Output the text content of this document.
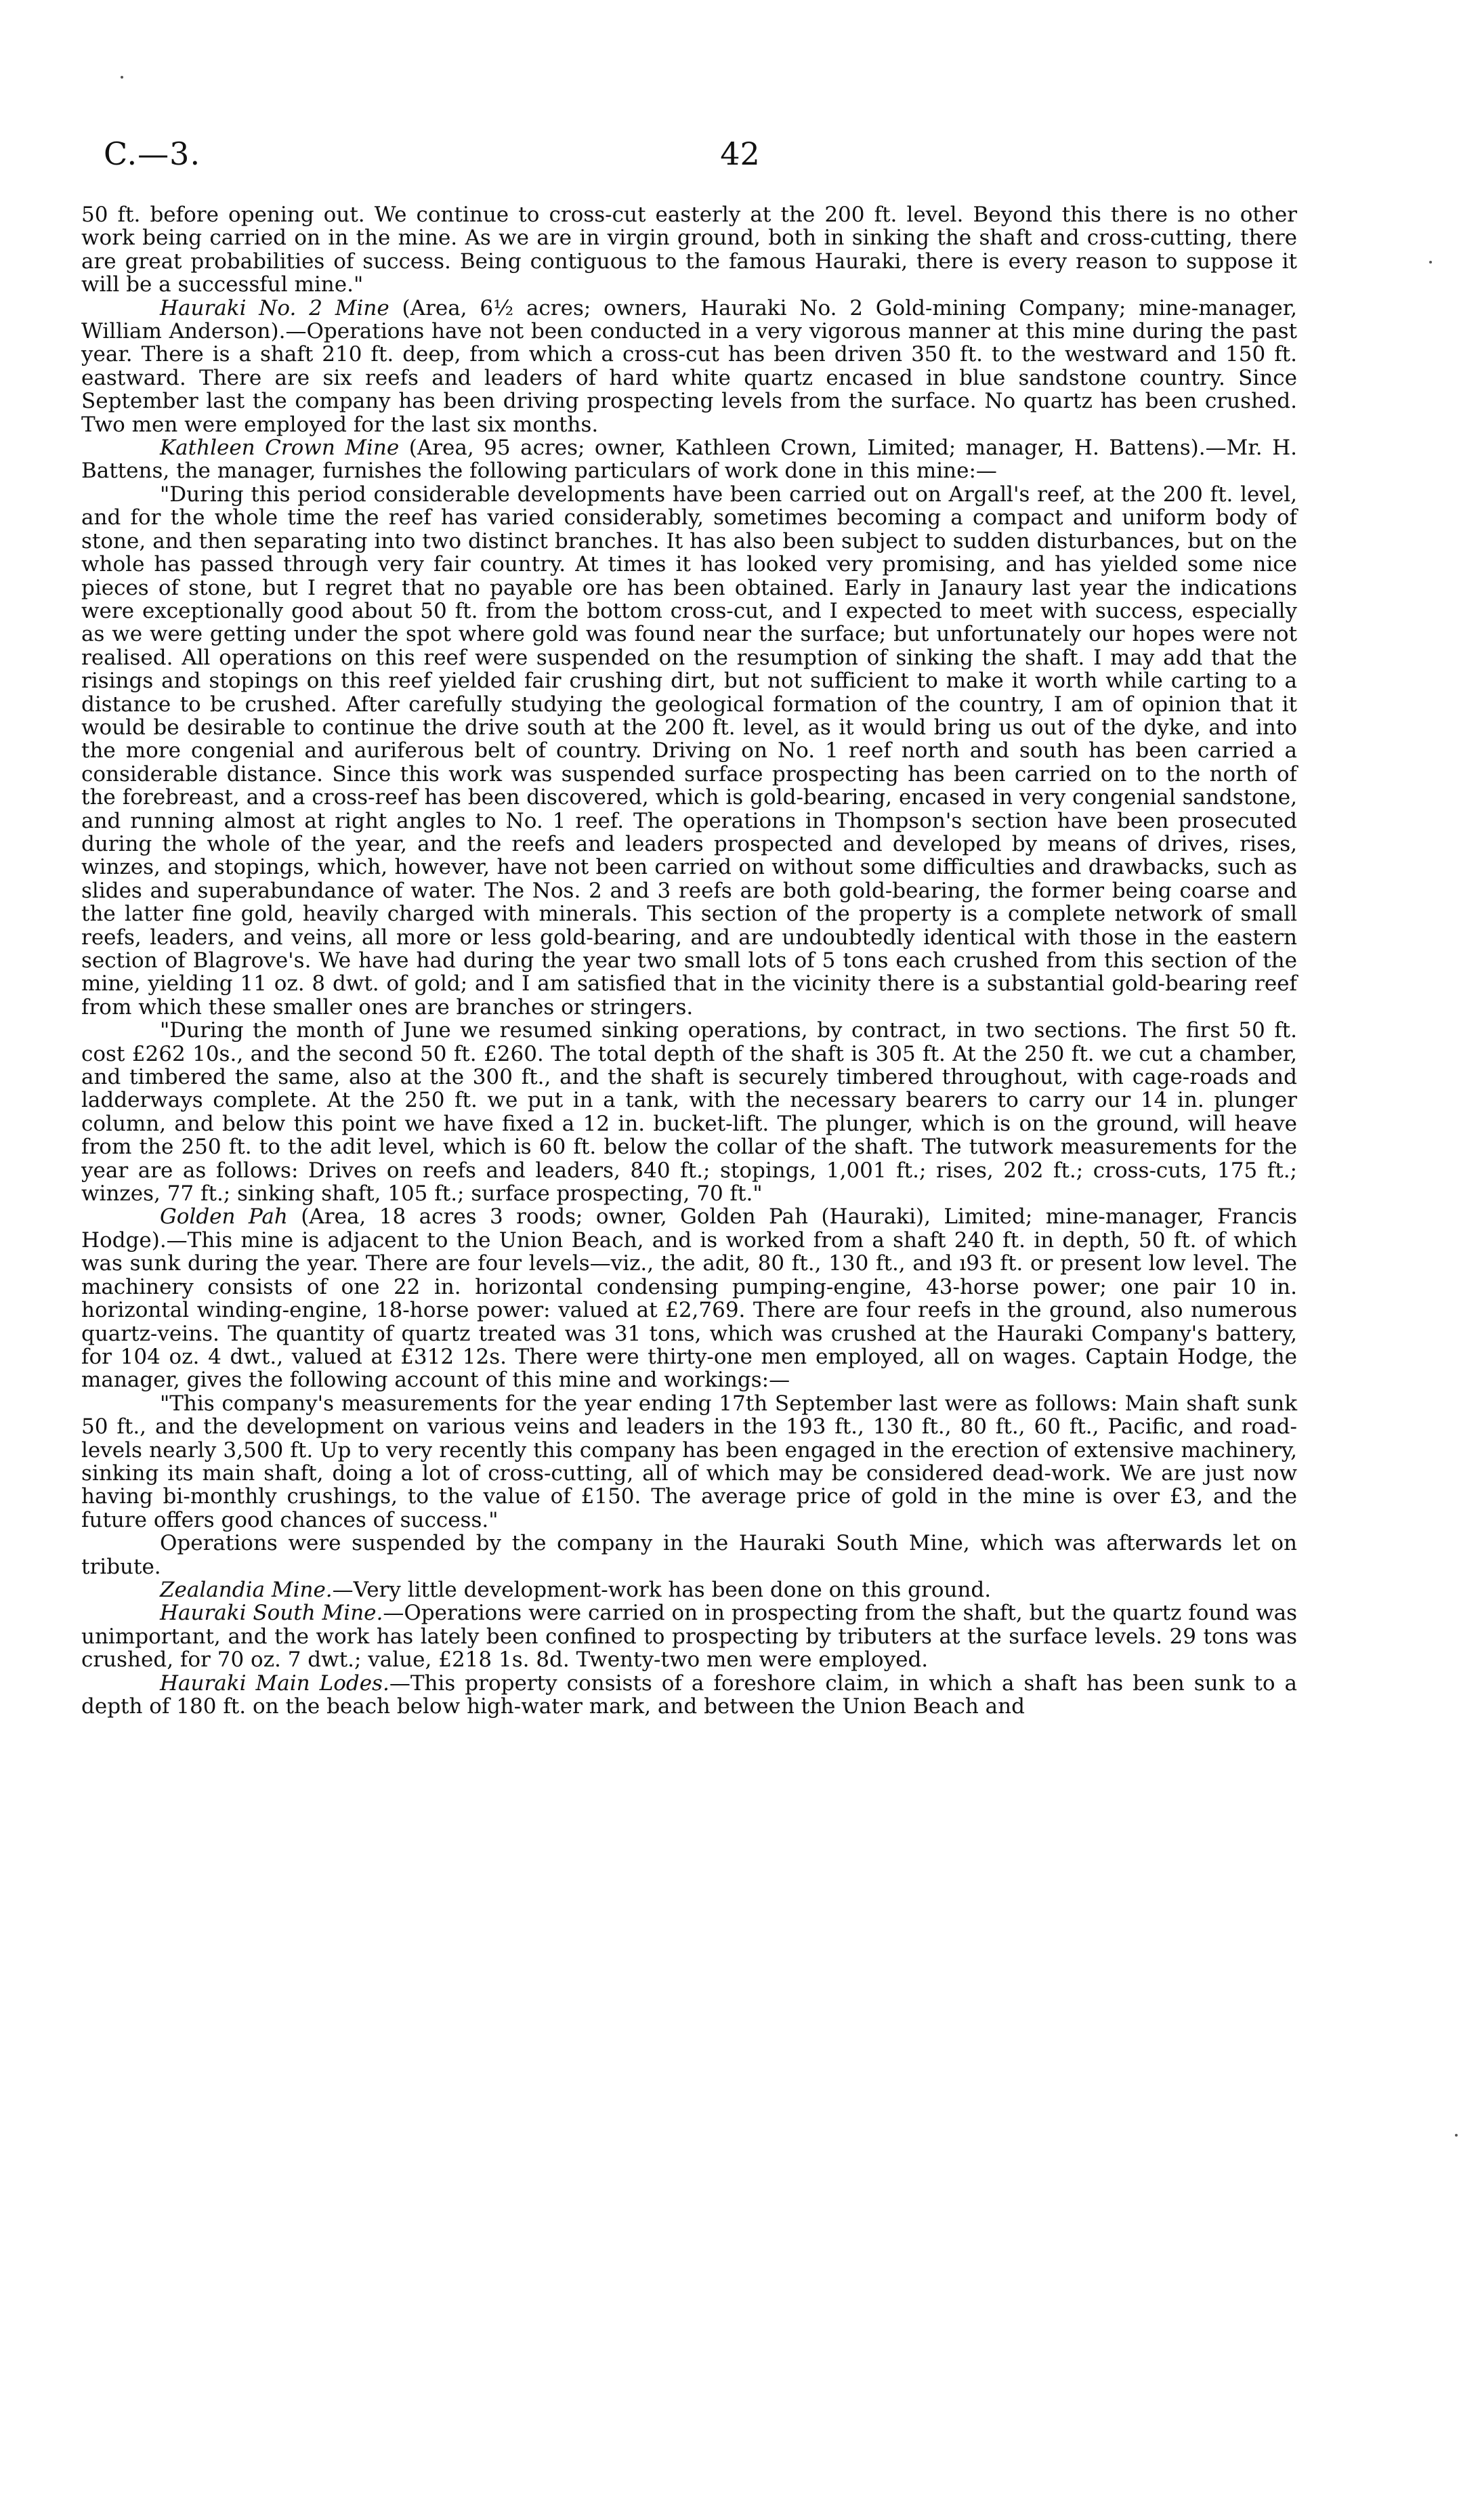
C.—3.	42

50 ft. before opening out. We continue to cross-cut easterly at the 200 ft. level. Beyond this there is no other work being carried on in the mine. As we are in virgin ground, both in sinking the shaft and cross-cutting, there are great probabilities of success. Being contiguous to the famous Hauraki, there is every reason to suppose it will be a successful mine."

Hauraki No. 2 Mine (Area, 6½ acres; owners, Hauraki No. 2 Gold-mining Company; mine-manager, William Anderson).—Operations have not been conducted in a very vigorous manner at this mine during the past year. There is a shaft 210 ft. deep, from which a cross-cut has been driven 350 ft. to the westward and 150 ft. eastward. There are six reefs and leaders of hard white quartz encased in blue sandstone country. Since September last the company has been driving prospecting levels from the surface. No quartz has been crushed. Two men were employed for the last six months.

Kathleen Crown Mine (Area, 95 acres; owner, Kathleen Crown, Limited; manager, H. Battens).—Mr. H. Battens, the manager, furnishes the following particulars of work done in this mine:—

"During this period considerable developments have been carried out on Argall's reef, at the 200 ft. level, and for the whole time the reef has varied considerably, sometimes becoming a compact and uniform body of stone, and then separating into two distinct branches. It has also been subject to sudden disturbances, but on the whole has passed through very fair country. At times it has looked very promising, and has yielded some nice pieces of stone, but I regret that no payable ore has been obtained. Early in Janaury last year the indications were exceptionally good about 50 ft. from the bottom cross-cut, and I expected to meet with success, especially as we were getting under the spot where gold was found near the surface; but unfortunately our hopes were not realised. All operations on this reef were suspended on the resumption of sinking the shaft. I may add that the risings and stopings on this reef yielded fair crushing dirt, but not sufficient to make it worth while carting to a distance to be crushed. After carefully studying the geological formation of the country, I am of opinion that it would be desirable to continue the drive south at the 200 ft. level, as it would bring us out of the dyke, and into the more congenial and auriferous belt of country. Driving on No. 1 reef north and south has been carried a considerable distance. Since this work was suspended surface prospecting has been carried on to the north of the forebreast, and a cross-reef has been discovered, which is gold-bearing, encased in very congenial sandstone, and running almost at right angles to No. 1 reef. The operations in Thompson's section have been prosecuted during the whole of the year, and the reefs and leaders prospected and developed by means of drives, rises, winzes, and stopings, which, however, have not been carried on without some difficulties and drawbacks, such as slides and superabundance of water. The Nos. 2 and 3 reefs are both gold-bearing, the former being coarse and the latter fine gold, heavily charged with minerals. This section of the property is a complete network of small reefs, leaders, and veins, all more or less gold-bearing, and are undoubtedly identical with those in the eastern section of Blagrove's. We have had during the year two small lots of 5 tons each crushed from this section of the mine, yielding 11 oz. 8 dwt. of gold; and I am satisfied that in the vicinity there is a substantial gold-bearing reef from which these smaller ones are branches or stringers.

"During the month of June we resumed sinking operations, by contract, in two sections. The first 50 ft. cost £262 10s., and the second 50 ft. £260. The total depth of the shaft is 305 ft. At the 250 ft. we cut a chamber, and timbered the same, also at the 300 ft., and the shaft is securely timbered throughout, with cage-roads and ladderways complete. At the 250 ft. we put in a tank, with the necessary bearers to carry our 14 in. plunger column, and below this point we have fixed a 12 in. bucket-lift. The plunger, which is on the ground, will heave from the 250 ft. to the adit level, which is 60 ft. below the collar of the shaft. The tutwork measurements for the year are as follows: Drives on reefs and leaders, 840 ft.; stopings, 1,001 ft.; rises, 202 ft.; cross-cuts, 175 ft.; winzes, 77 ft.; sinking shaft, 105 ft.; surface prospecting, 70 ft."

Golden Pah (Area, 18 acres 3 roods; owner, Golden Pah (Hauraki), Limited; mine-manager, Francis Hodge).—This mine is adjacent to the Union Beach, and is worked from a shaft 240 ft. in depth, 50 ft. of which was sunk during the year. There are four levels—viz., the adit, 80 ft., 130 ft., and ı93 ft. or present low level. The machinery consists of one 22 in. horizontal condensing pumping-engine, 43-horse power; one pair 10 in. horizontal winding-engine, 18-horse power: valued at £2,769. There are four reefs in the ground, also numerous quartz-veins. The quantity of quartz treated was 31 tons, which was crushed at the Hauraki Company's battery, for 104 oz. 4 dwt., valued at £312 12s. There were thirty-one men employed, all on wages. Captain Hodge, the manager, gives the following account of this mine and workings:—

"This company's measurements for the year ending 17th September last were as follows: Main shaft sunk 50 ft., and the development on various veins and leaders in the 193 ft., 130 ft., 80 ft., 60 ft., Pacific, and road-levels nearly 3,500 ft. Up to very recently this company has been engaged in the erection of extensive machinery, sinking its main shaft, doing a lot of cross-cutting, all of which may be considered dead-work. We are just now having bi-monthly crushings, to the value of £150. The average price of gold in the mine is over £3, and the future offers good chances of success."

Operations were suspended by the company in the Hauraki South Mine, which was afterwards let on tribute.

Zealandia Mine.—Very little development-work has been done on this ground.

Hauraki South Mine.—Operations were carried on in prospecting from the shaft, but the quartz found was unimportant, and the work has lately been confined to prospecting by tributers at the surface levels. 29 tons was crushed, for 70 oz. 7 dwt.; value, £218 1s. 8d. Twenty-two men were employed.

Hauraki Main Lodes.—This property consists of a foreshore claim, in which a shaft has been sunk to a depth of 180 ft. on the beach below high-water mark, and between the Union Beach and
